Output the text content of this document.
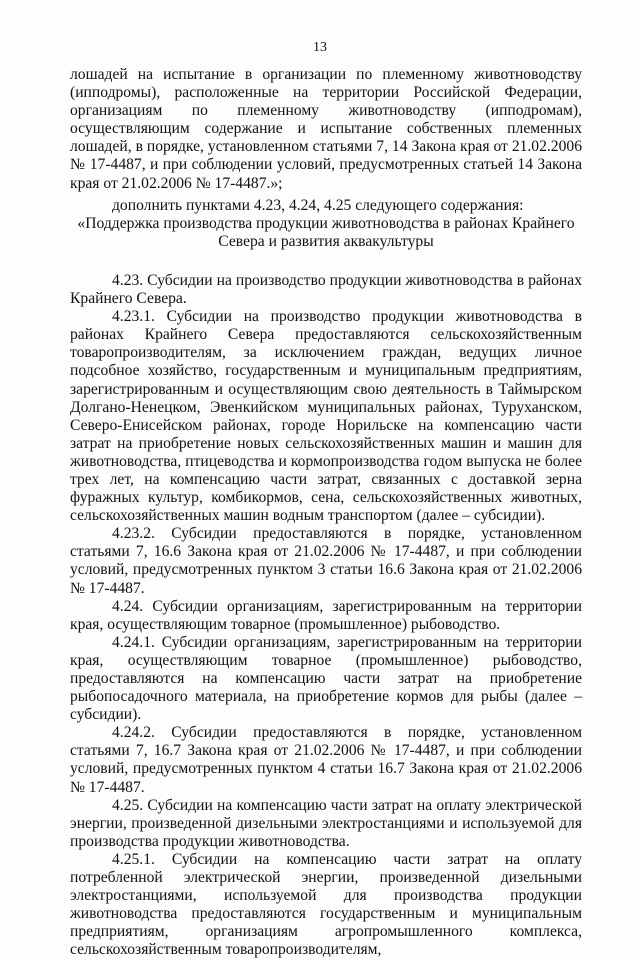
13

лошадей на испытание в организации по племенному животноводству (ипподромы), расположенные на территории Российской Федерации, организациям по племенному животноводству (ипподромам), осуществляющим содержание и испытание собственных племенных лошадей, в порядке, установленном статьями 7, 14 Закона края от 21.02.2006 № 17-4487, и при соблюдении условий, предусмотренных статьей 14 Закона края от 21.02.2006 № 17-4487.»;

дополнить пунктами 4.23, 4.24, 4.25 следующего содержания:

«Поддержка производства продукции животноводства в районах Крайнего Севера и развития аквакультуры

4.23. Субсидии на производство продукции животноводства в районах Крайнего Севера.

4.23.1. Субсидии на производство продукции животноводства в районах Крайнего Севера предоставляются сельскохозяйственным товаропроизводителям, за исключением граждан, ведущих личное подсобное хозяйство, государственным и муниципальным предприятиям, зарегистрированным и осуществляющим свою деятельность в Таймырском Долгано-Ненецком, Эвенкийском муниципальных районах, Туруханском, Северо-Енисейском районах, городе Норильске на компенсацию части затрат на приобретение новых сельскохозяйственных машин и машин для животноводства, птицеводства и кормопроизводства годом выпуска не более трех лет, на компенсацию части затрат, связанных с доставкой зерна фуражных культур, комбикормов, сена, сельскохозяйственных животных, сельскохозяйственных машин водным транспортом (далее – субсидии).

4.23.2. Субсидии предоставляются в порядке, установленном статьями 7, 16.6 Закона края от 21.02.2006 № 17-4487, и при соблюдении условий, предусмотренных пунктом 3 статьи 16.6 Закона края от 21.02.2006 № 17-4487.

4.24. Субсидии организациям, зарегистрированным на территории края, осуществляющим товарное (промышленное) рыбоводство.

4.24.1. Субсидии организациям, зарегистрированным на территории края, осуществляющим товарное (промышленное) рыбоводство, предоставляются на компенсацию части затрат на приобретение рыбопосадочного материала, на приобретение кормов для рыбы (далее – субсидии).

4.24.2. Субсидии предоставляются в порядке, установленном статьями 7, 16.7 Закона края от 21.02.2006 № 17-4487, и при соблюдении условий, предусмотренных пунктом 4 статьи 16.7 Закона края от 21.02.2006 № 17-4487.

4.25. Субсидии на компенсацию части затрат на оплату электрической энергии, произведенной дизельными электростанциями и используемой для производства продукции животноводства.

4.25.1. Субсидии на компенсацию части затрат на оплату потребленной электрической энергии, произведенной дизельными электростанциями, используемой для производства продукции животноводства предоставляются государственным и муниципальным предприятиям, организациям агропромышленного комплекса, сельскохозяйственным товаропроизводителям,
